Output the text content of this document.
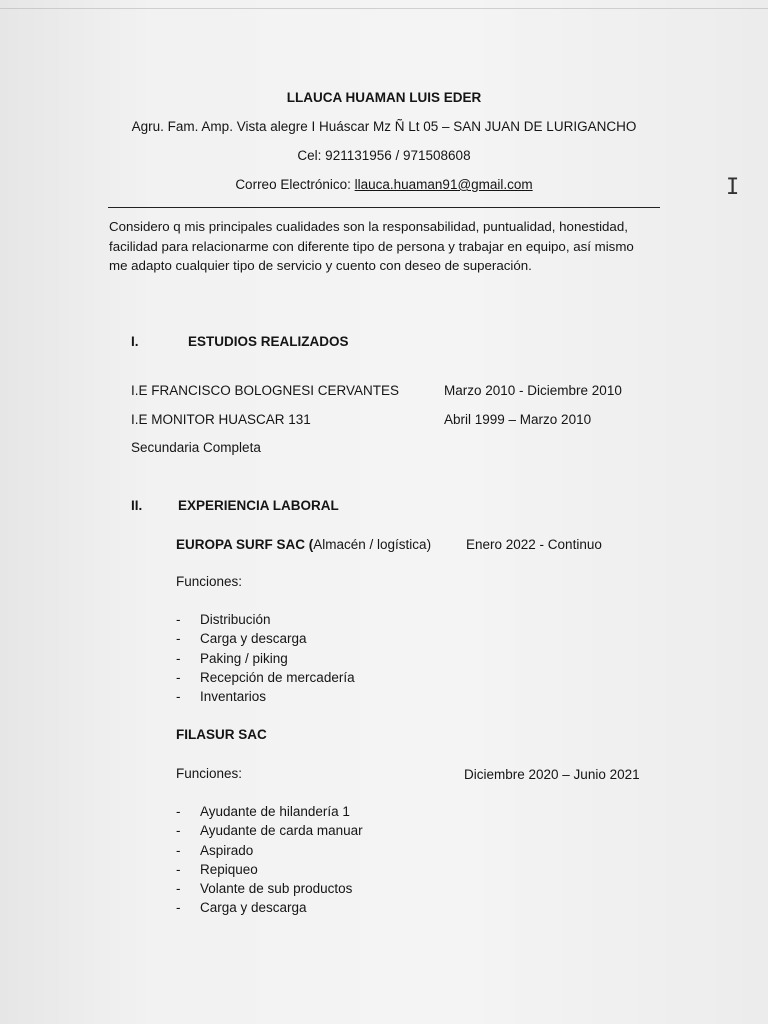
LLAUCA HUAMAN LUIS EDER
Agru. Fam. Amp. Vista alegre I Huáscar Mz Ñ Lt 05 – SAN JUAN DE LURIGANCHO
Cel: 921131956 / 971508608
Correo Electrónico: llauca.huaman91@gmail.com	I
Considero q mis principales cualidades son la responsabilidad, puntualidad, honestidad, facilidad para relacionarme con diferente tipo de persona y trabajar en equipo, así mismo me adapto cualquier tipo de servicio y cuento con deseo de superación.
I.	ESTUDIOS REALIZADOS
I.E FRANCISCO BOLOGNESI CERVANTES	Marzo 2010 - Diciembre 2010
I.E MONITOR HUASCAR 131	Abril 1999 – Marzo 2010
Secundaria Completa
II.	EXPERIENCIA LABORAL
EUROPA SURF SAC (Almacén / logística)	Enero 2022 - Continuo
Funciones:
- Distribución
- Carga y descarga
- Paking / piking
- Recepción de mercadería
- Inventarios
FILASUR SAC
Funciones:	Diciembre 2020 – Junio 2021
- Ayudante de hilandería 1
- Ayudante de carda manuar
- Aspirado
- Repiqueo
- Volante de sub productos
- Carga y descarga
